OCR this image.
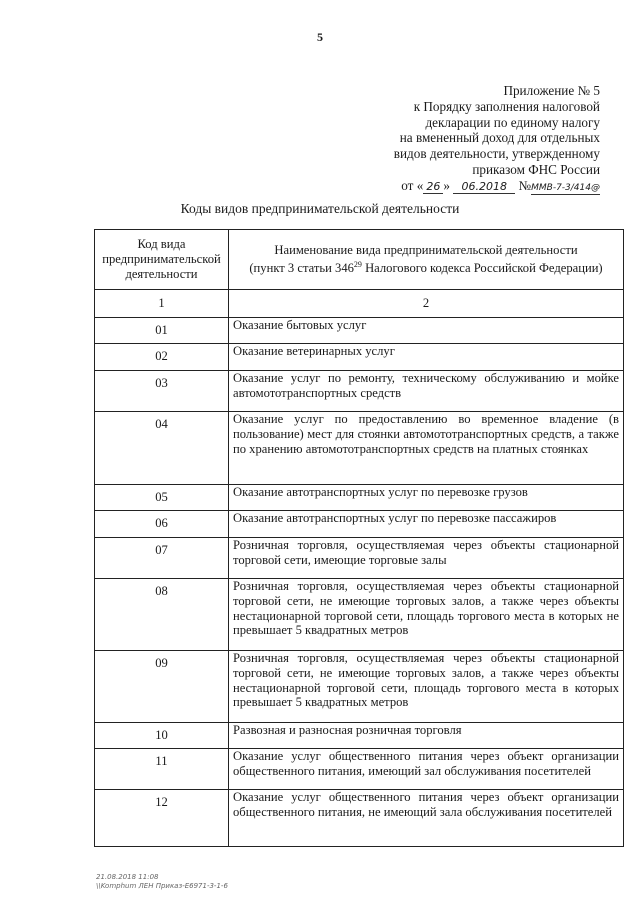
5
Приложение № 5
к Порядку заполнения налоговой
декларации по единому налогу
на вмененный доход для отдельных
видов деятельности, утвержденному
приказом ФНС России
от « 26 » 06.2018 №ММВ-7-3/414@
Коды видов предпринимательской деятельности
Код вида предпринимательской деятельности	Наименование вида предпринимательской деятельности
(пункт 3 статьи $346^{29}$ Налогового кодекса Российской Федерации)

1	2
01	Оказание бытовых услуг
02	Оказание ветеринарных услуг
03	Оказание услуг по ремонту, техническому обслуживанию и мойке автомототранспортных средств
04	Оказание услуг по предоставлению во временное владение (в пользование) мест для стоянки автомототранспортных средств, а также по хранению автомототранспортных средств на платных стоянках
05	Оказание автотранспортных услуг по перевозке грузов
06	Оказание автотранспортных услуг по перевозке пассажиров
07	Розничная торговля, осуществляемая через объекты стационарной торговой сети, имеющие торговые залы
08	Розничная торговля, осуществляемая через объекты стационарной торговой сети, не имеющие торговых залов, а также через объекты нестационарной торговой сети, площадь торгового места в которых не превышает 5 квадратных метров
09	Розничная торговля, осуществляемая через объекты стационарной торговой сети, не имеющие торговых залов, а также через объекты нестационарной торговой сети, площадь торгового места в которых превышает 5 квадратных метров
10	Развозная и разносная розничная торговля
11	Оказание услуг общественного питания через объект организации общественного питания, имеющий зал обслуживания посетителей
12	Оказание услуг общественного питания через объект организации общественного питания, не имеющий зала обслуживания посетителей
21.08.2018 11:08
\\Komphum ЛЕН Приказ-Е6971-3-1-6
